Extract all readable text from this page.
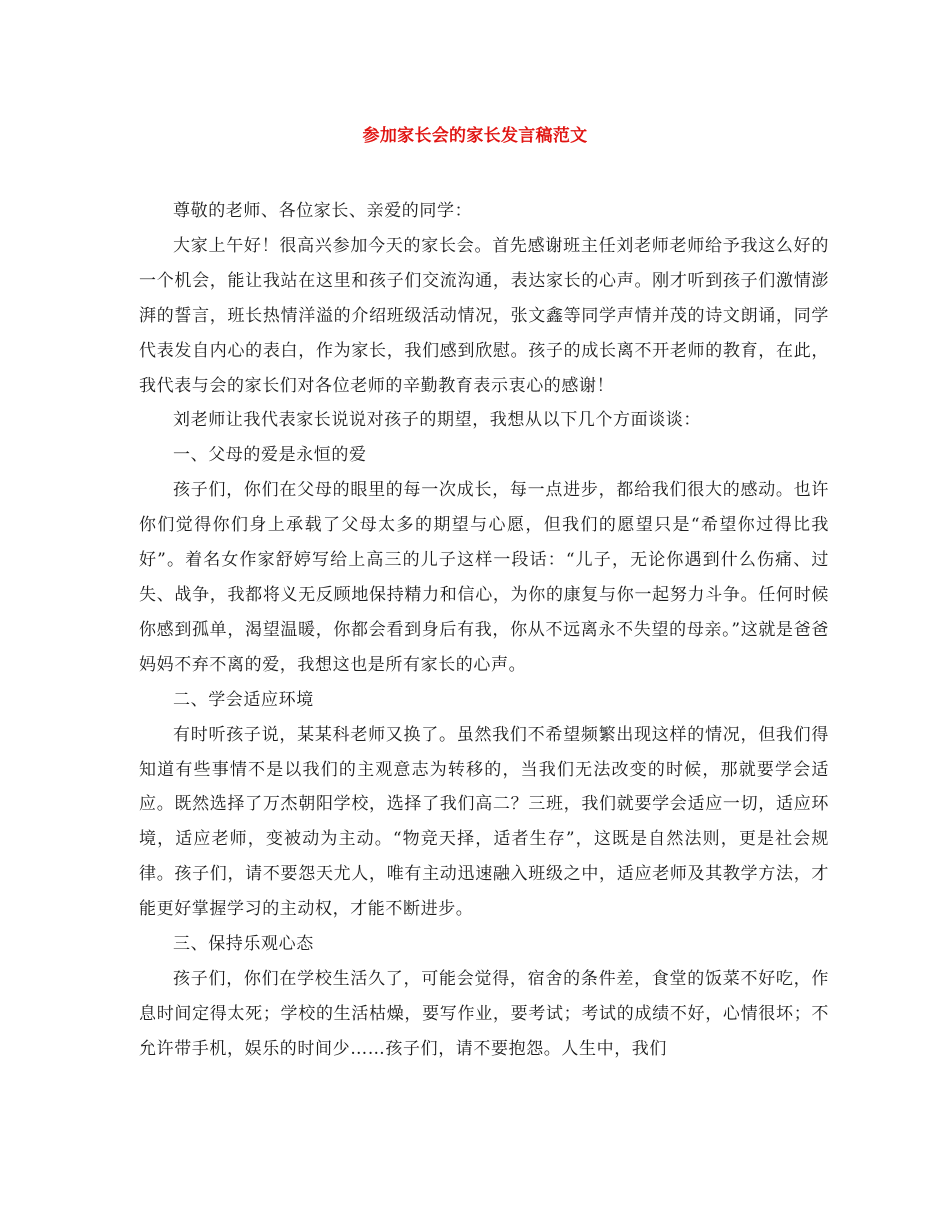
参加家长会的家长发言稿范文

尊敬的老师、各位家长、亲爱的同学：

大家上午好！很高兴参加今天的家长会。首先感谢班主任刘老师老师给予我这么好的一个机会，能让我站在这里和孩子们交流沟通，表达家长的心声。刚才听到孩子们激情澎湃的誓言，班长热情洋溢的介绍班级活动情况，张文鑫等同学声情并茂的诗文朗诵，同学代表发自内心的表白，作为家长，我们感到欣慰。孩子的成长离不开老师的教育，在此，我代表与会的家长们对各位老师的辛勤教育表示衷心的感谢！

刘老师让我代表家长说说对孩子的期望，我想从以下几个方面谈谈：

一、父母的爱是永恒的爱

孩子们，你们在父母的眼里的每一次成长，每一点进步，都给我们很大的感动。也许你们觉得你们身上承载了父母太多的期望与心愿，但我们的愿望只是“希望你过得比我好”。着名女作家舒婷写给上高三的儿子这样一段话：“儿子，无论你遇到什么伤痛、过失、战争，我都将义无反顾地保持精力和信心，为你的康复与你一起努力斗争。任何时候你感到孤单，渴望温暖，你都会看到身后有我，你从不远离永不失望的母亲。”这就是爸爸妈妈不弃不离的爱，我想这也是所有家长的心声。

二、学会适应环境

有时听孩子说，某某科老师又换了。虽然我们不希望频繁出现这样的情况，但我们得知道有些事情不是以我们的主观意志为转移的，当我们无法改变的时候，那就要学会适应。既然选择了万杰朝阳学校，选择了我们高二？三班，我们就要学会适应一切，适应环境，适应老师，变被动为主动。“物竞天择，适者生存”，这既是自然法则，更是社会规律。孩子们，请不要怨天尤人，唯有主动迅速融入班级之中，适应老师及其教学方法，才能更好掌握学习的主动权，才能不断进步。

三、保持乐观心态

孩子们，你们在学校生活久了，可能会觉得，宿舍的条件差，食堂的饭菜不好吃，作息时间定得太死；学校的生活枯燥，要写作业，要考试；考试的成绩不好，心情很坏；不允许带手机，娱乐的时间少……孩子们，请不要抱怨。人生中，我们
